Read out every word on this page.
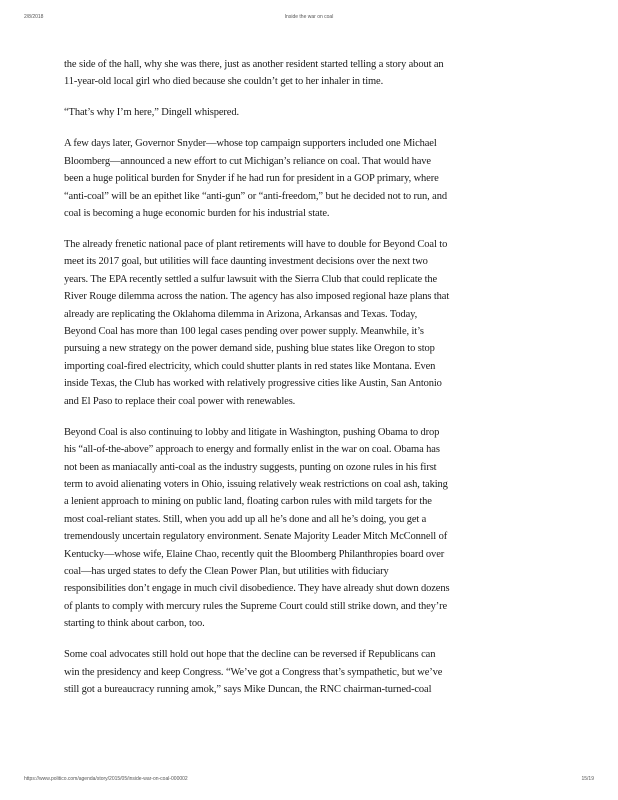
2/8/2018	Inside the war on coal

the side of the hall, why she was there, just as another resident started telling a story about an 11-year-old local girl who died because she couldn’t get to her inhaler in time.

“That’s why I’m here,” Dingell whispered.

A few days later, Governor Snyder—whose top campaign supporters included one Michael Bloomberg—announced a new effort to cut Michigan’s reliance on coal. That would have been a huge political burden for Snyder if he had run for president in a GOP primary, where “anti-coal” will be an epithet like “anti-gun” or “anti-freedom,” but he decided not to run, and coal is becoming a huge economic burden for his industrial state.

The already frenetic national pace of plant retirements will have to double for Beyond Coal to meet its 2017 goal, but utilities will face daunting investment decisions over the next two years. The EPA recently settled a sulfur lawsuit with the Sierra Club that could replicate the River Rouge dilemma across the nation. The agency has also imposed regional haze plans that already are replicating the Oklahoma dilemma in Arizona, Arkansas and Texas. Today, Beyond Coal has more than 100 legal cases pending over power supply. Meanwhile, it’s pursuing a new strategy on the power demand side, pushing blue states like Oregon to stop importing coal-fired electricity, which could shutter plants in red states like Montana. Even inside Texas, the Club has worked with relatively progressive cities like Austin, San Antonio and El Paso to replace their coal power with renewables.

Beyond Coal is also continuing to lobby and litigate in Washington, pushing Obama to drop his “all-of-the-above” approach to energy and formally enlist in the war on coal. Obama has not been as maniacally anti-coal as the industry suggests, punting on ozone rules in his first term to avoid alienating voters in Ohio, issuing relatively weak restrictions on coal ash, taking a lenient approach to mining on public land, floating carbon rules with mild targets for the most coal-reliant states. Still, when you add up all he’s done and all he’s doing, you get a tremendously uncertain regulatory environment. Senate Majority Leader Mitch McConnell of Kentucky—whose wife, Elaine Chao, recently quit the Bloomberg Philanthropies board over coal—has urged states to defy the Clean Power Plan, but utilities with fiduciary responsibilities don’t engage in much civil disobedience. They have already shut down dozens of plants to comply with mercury rules the Supreme Court could still strike down, and they’re starting to think about carbon, too.

Some coal advocates still hold out hope that the decline can be reversed if Republicans can win the presidency and keep Congress. “We’ve got a Congress that’s sympathetic, but we’ve still got a bureaucracy running amok,” says Mike Duncan, the RNC chairman-turned-coal

https://www.politico.com/agenda/story/2015/05/inside-war-on-coal-000002	15/19
